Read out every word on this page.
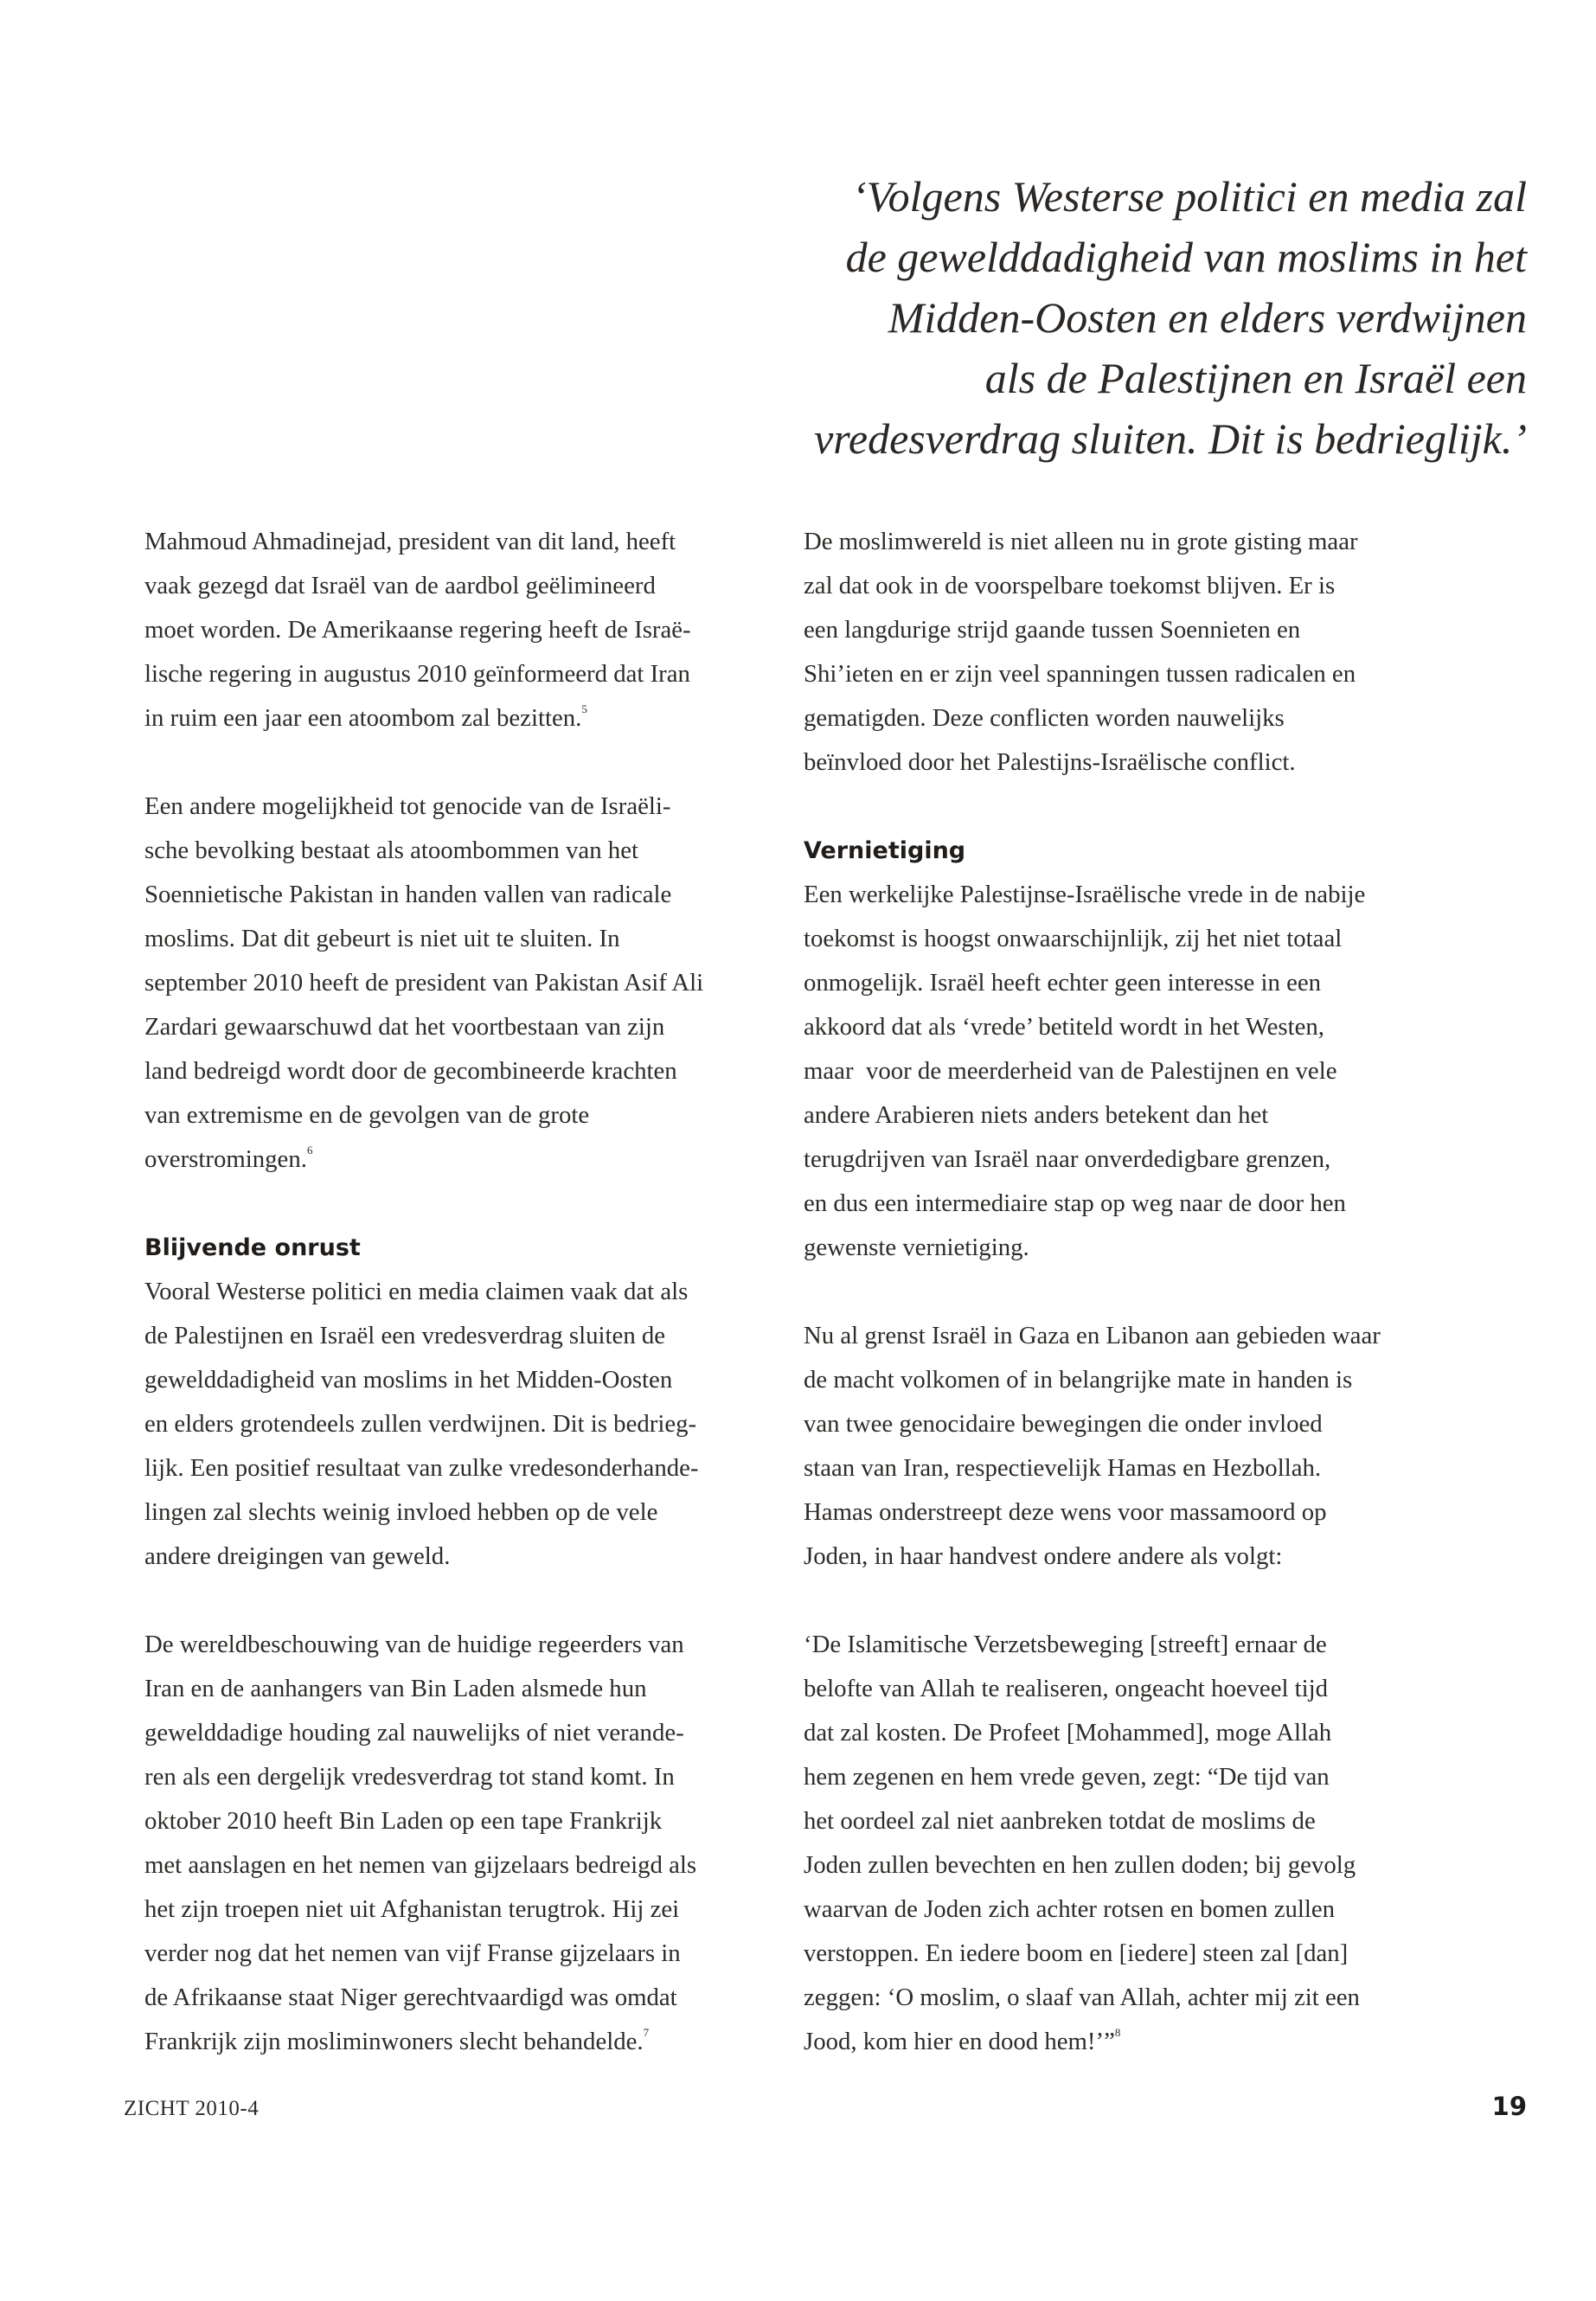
‘Volgens Westerse politici en media zal
de gewelddadigheid van moslims in het
Midden-Oosten en elders verdwijnen
als de Palestijnen en Israël een
vredesverdrag sluiten. Dit is bedrieglijk.’
Mahmoud Ahmadinejad, president van dit land, heeft
vaak gezegd dat Israël van de aardbol geëlimineerd
moet worden. De Amerikaanse regering heeft de Israë-
lische regering in augustus 2010 geïnformeerd dat Iran
in ruim een jaar een atoombom zal bezitten.$^5$
Een andere mogelijkheid tot genocide van de Israëli-
sche bevolking bestaat als atoombommen van het
Soennietische Pakistan in handen vallen van radicale
moslims. Dat dit gebeurt is niet uit te sluiten. In
september 2010 heeft de president van Pakistan Asif Ali
Zardari gewaarschuwd dat het voortbestaan van zijn
land bedreigd wordt door de gecombineerde krachten
van extremisme en de gevolgen van de grote
overstromingen.$^6$
Blijvende onrust
Vooral Westerse politici en media claimen vaak dat als
de Palestijnen en Israël een vredesverdrag sluiten de
gewelddadigheid van moslims in het Midden-Oosten
en elders grotendeels zullen verdwijnen. Dit is bedrieg-
lijk. Een positief resultaat van zulke vredesonderhande-
lingen zal slechts weinig invloed hebben op de vele
andere dreigingen van geweld.
De wereldbeschouwing van de huidige regeerders van
Iran en de aanhangers van Bin Laden alsmede hun
gewelddadige houding zal nauwelijks of niet verande-
ren als een dergelijk vredesverdrag tot stand komt. In
oktober 2010 heeft Bin Laden op een tape Frankrijk
met aanslagen en het nemen van gijzelaars bedreigd als
het zijn troepen niet uit Afghanistan terugtrok. Hij zei
verder nog dat het nemen van vijf Franse gijzelaars in
de Afrikaanse staat Niger gerechtvaardigd was omdat
Frankrijk zijn mosliminwoners slecht behandelde.$^7$
De moslimwereld is niet alleen nu in grote gisting maar
zal dat ook in de voorspelbare toekomst blijven. Er is
een langdurige strijd gaande tussen Soennieten en
Shi’ieten en er zijn veel spanningen tussen radicalen en
gematigden. Deze conflicten worden nauwelijks
beïnvloed door het Palestijns-Israëlische conflict.
Vernietiging
Een werkelijke Palestijnse-Israëlische vrede in de nabije
toekomst is hoogst onwaarschijnlijk, zij het niet totaal
onmogelijk. Israël heeft echter geen interesse in een
akkoord dat als ‘vrede’ betiteld wordt in het Westen,
maar  voor de meerderheid van de Palestijnen en vele
andere Arabieren niets anders betekent dan het
terugdrijven van Israël naar onverdedigbare grenzen,
en dus een intermediaire stap op weg naar de door hen
gewenste vernietiging.
Nu al grenst Israël in Gaza en Libanon aan gebieden waar
de macht volkomen of in belangrijke mate in handen is
van twee genocidaire bewegingen die onder invloed
staan van Iran, respectievelijk Hamas en Hezbollah.
Hamas onderstreept deze wens voor massamoord op
Joden, in haar handvest ondere andere als volgt:
‘De Islamitische Verzetsbeweging [streeft] ernaar de
belofte van Allah te realiseren, ongeacht hoeveel tijd
dat zal kosten. De Profeet [Mohammed], moge Allah
hem zegenen en hem vrede geven, zegt: “De tijd van
het oordeel zal niet aanbreken totdat de moslims de
Joden zullen bevechten en hen zullen doden; bij gevolg
waarvan de Joden zich achter rotsen en bomen zullen
verstoppen. En iedere boom en [iedere] steen zal [dan]
zeggen: ‘O moslim, o slaaf van Allah, achter mij zit een
Jood, kom hier en dood hem!’”$^8$
ZICHT 2010-4	19
